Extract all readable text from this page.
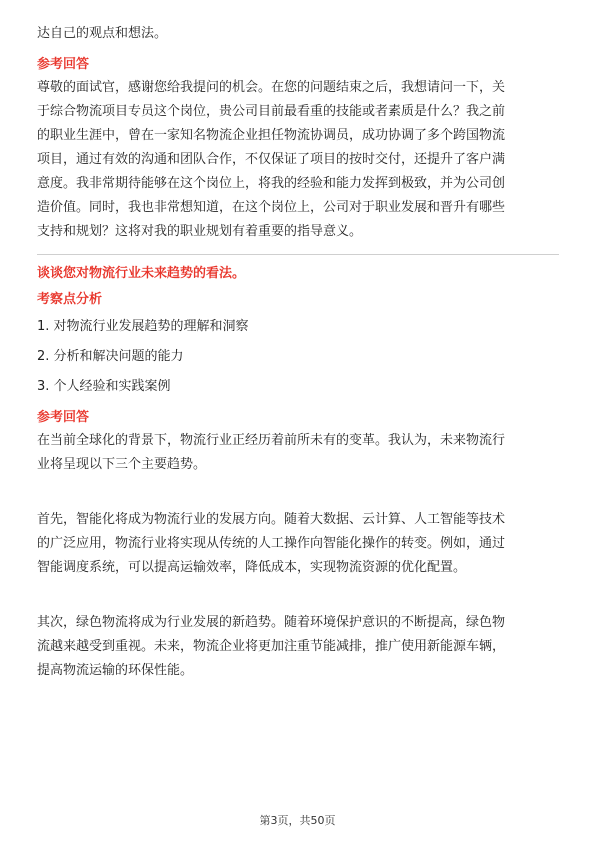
达自己的观点和想法。

参考回答

尊敬的面试官，感谢您给我提问的机会。在您的问题结束之后，我想请问一下，关

于综合物流项目专员这个岗位，贵公司目前最看重的技能或者素质是什么？我之前

的职业生涯中，曾在一家知名物流企业担任物流协调员，成功协调了多个跨国物流

项目，通过有效的沟通和团队合作，不仅保证了项目的按时交付，还提升了客户满

意度。我非常期待能够在这个岗位上，将我的经验和能力发挥到极致，并为公司创

造价值。同时，我也非常想知道，在这个岗位上，公司对于职业发展和晋升有哪些

支持和规划？这将对我的职业规划有着重要的指导意义。

谈谈您对物流行业未来趋势的看法。

考察点分析

1. 对物流行业发展趋势的理解和洞察

2. 分析和解决问题的能力

3. 个人经验和实践案例

参考回答

在当前全球化的背景下，物流行业正经历着前所未有的变革。我认为，未来物流行

业将呈现以下三个主要趋势。

首先，智能化将成为物流行业的发展方向。随着大数据、云计算、人工智能等技术

的广泛应用，物流行业将实现从传统的人工操作向智能化操作的转变。例如，通过

智能调度系统，可以提高运输效率，降低成本，实现物流资源的优化配置。

其次，绿色物流将成为行业发展的新趋势。随着环境保护意识的不断提高，绿色物

流越来越受到重视。未来，物流企业将更加注重节能减排，推广使用新能源车辆，

提高物流运输的环保性能。

第3页，共50页
